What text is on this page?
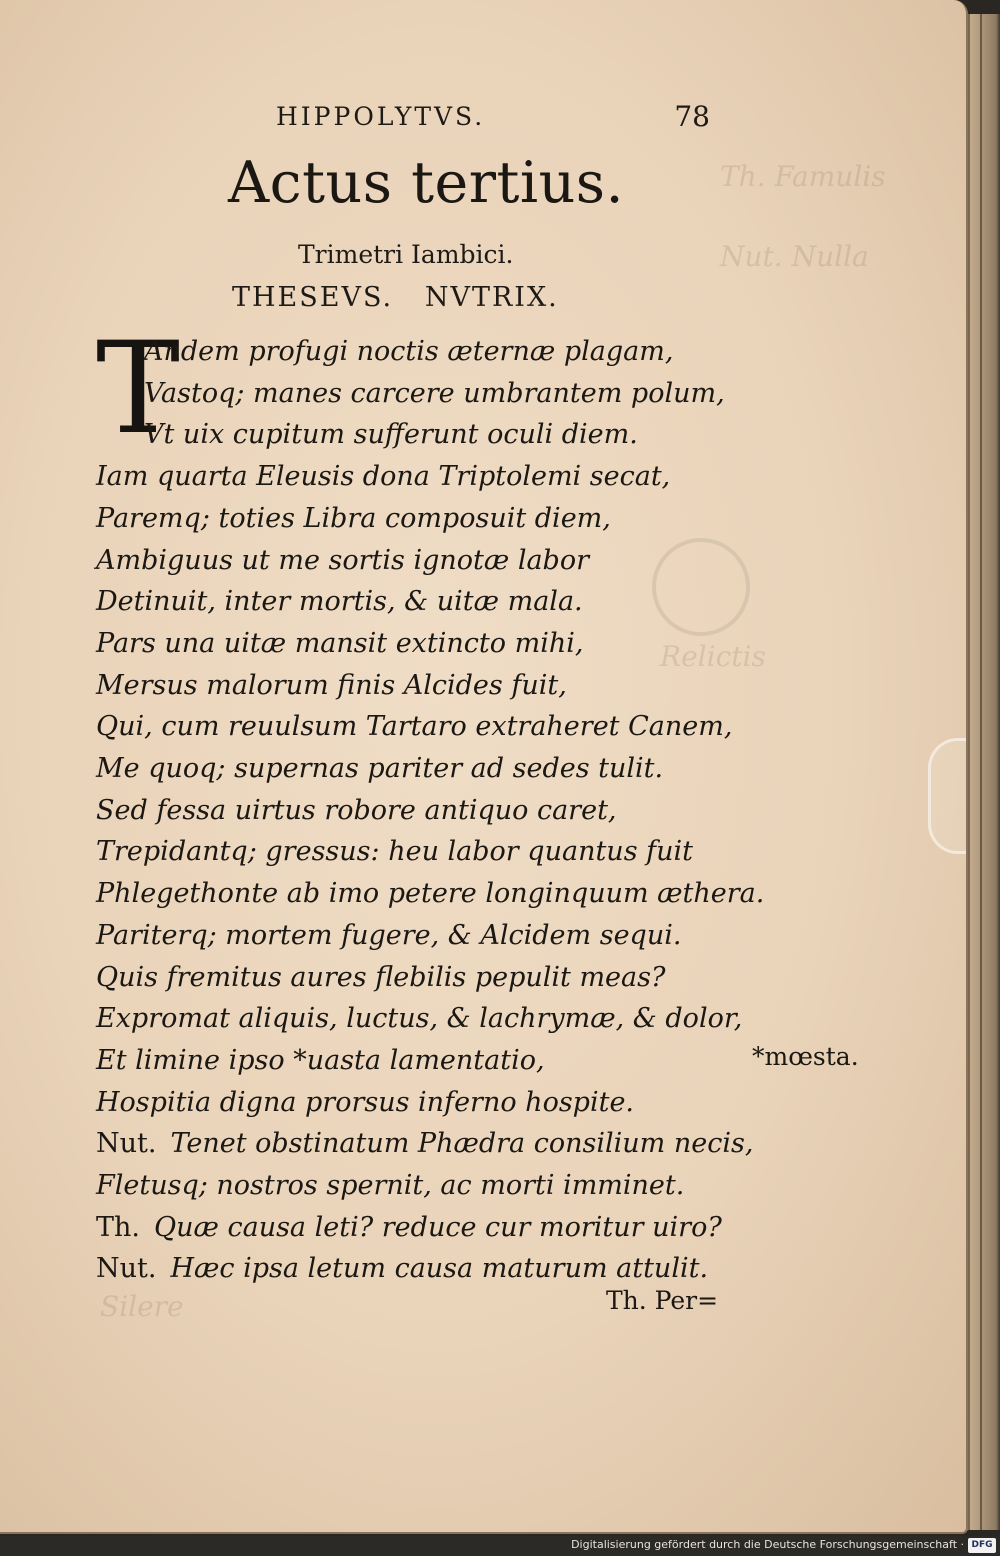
Th. Famulis
Nut. Nulla
Relictis
Silere
HIPPOLYTVS.	78
Actus tertius.
Trimetri Iambici.
THESEVS.   NVTRIX.
T
Andem profugi noctis æternæ plagam,
Vastoq; manes carcere umbrantem polum,
Vt uix cupitum sufferunt oculi diem.
Iam quarta Eleusis dona Triptolemi secat,
Paremq; toties Libra composuit diem,
Ambiguus ut me sortis ignotæ labor
Detinuit, inter mortis, & uitæ mala.
Pars una uitæ mansit extincto mihi,
Mersus malorum finis Alcides fuit,
Qui, cum reuulsum Tartaro extraheret Canem,
Me quoq; supernas pariter ad sedes tulit.
Sed fessa uirtus robore antiquo caret,
Trepidantq; gressus: heu labor quantus fuit
Phlegethonte ab imo petere longinquum æthera.
Pariterq; mortem fugere, & Alcidem sequi.
Quis fremitus aures flebilis pepulit meas?
Expromat aliquis, luctus, & lachrymæ, & dolor,
Et limine ipso *uasta lamentatio,
Hospitia digna prorsus inferno hospite.
Nut. Tenet obstinatum Phædra consilium necis,
Fletusq; nostros spernit, ac morti imminet.
Th. Quæ causa leti? reduce cur moritur uiro?
Nut. Hæc ipsa letum causa maturum attulit.
*mœsta.
Th. Per=
Digitalisierung gefördert durch die Deutsche Forschungsgemeinschaft · DFG
